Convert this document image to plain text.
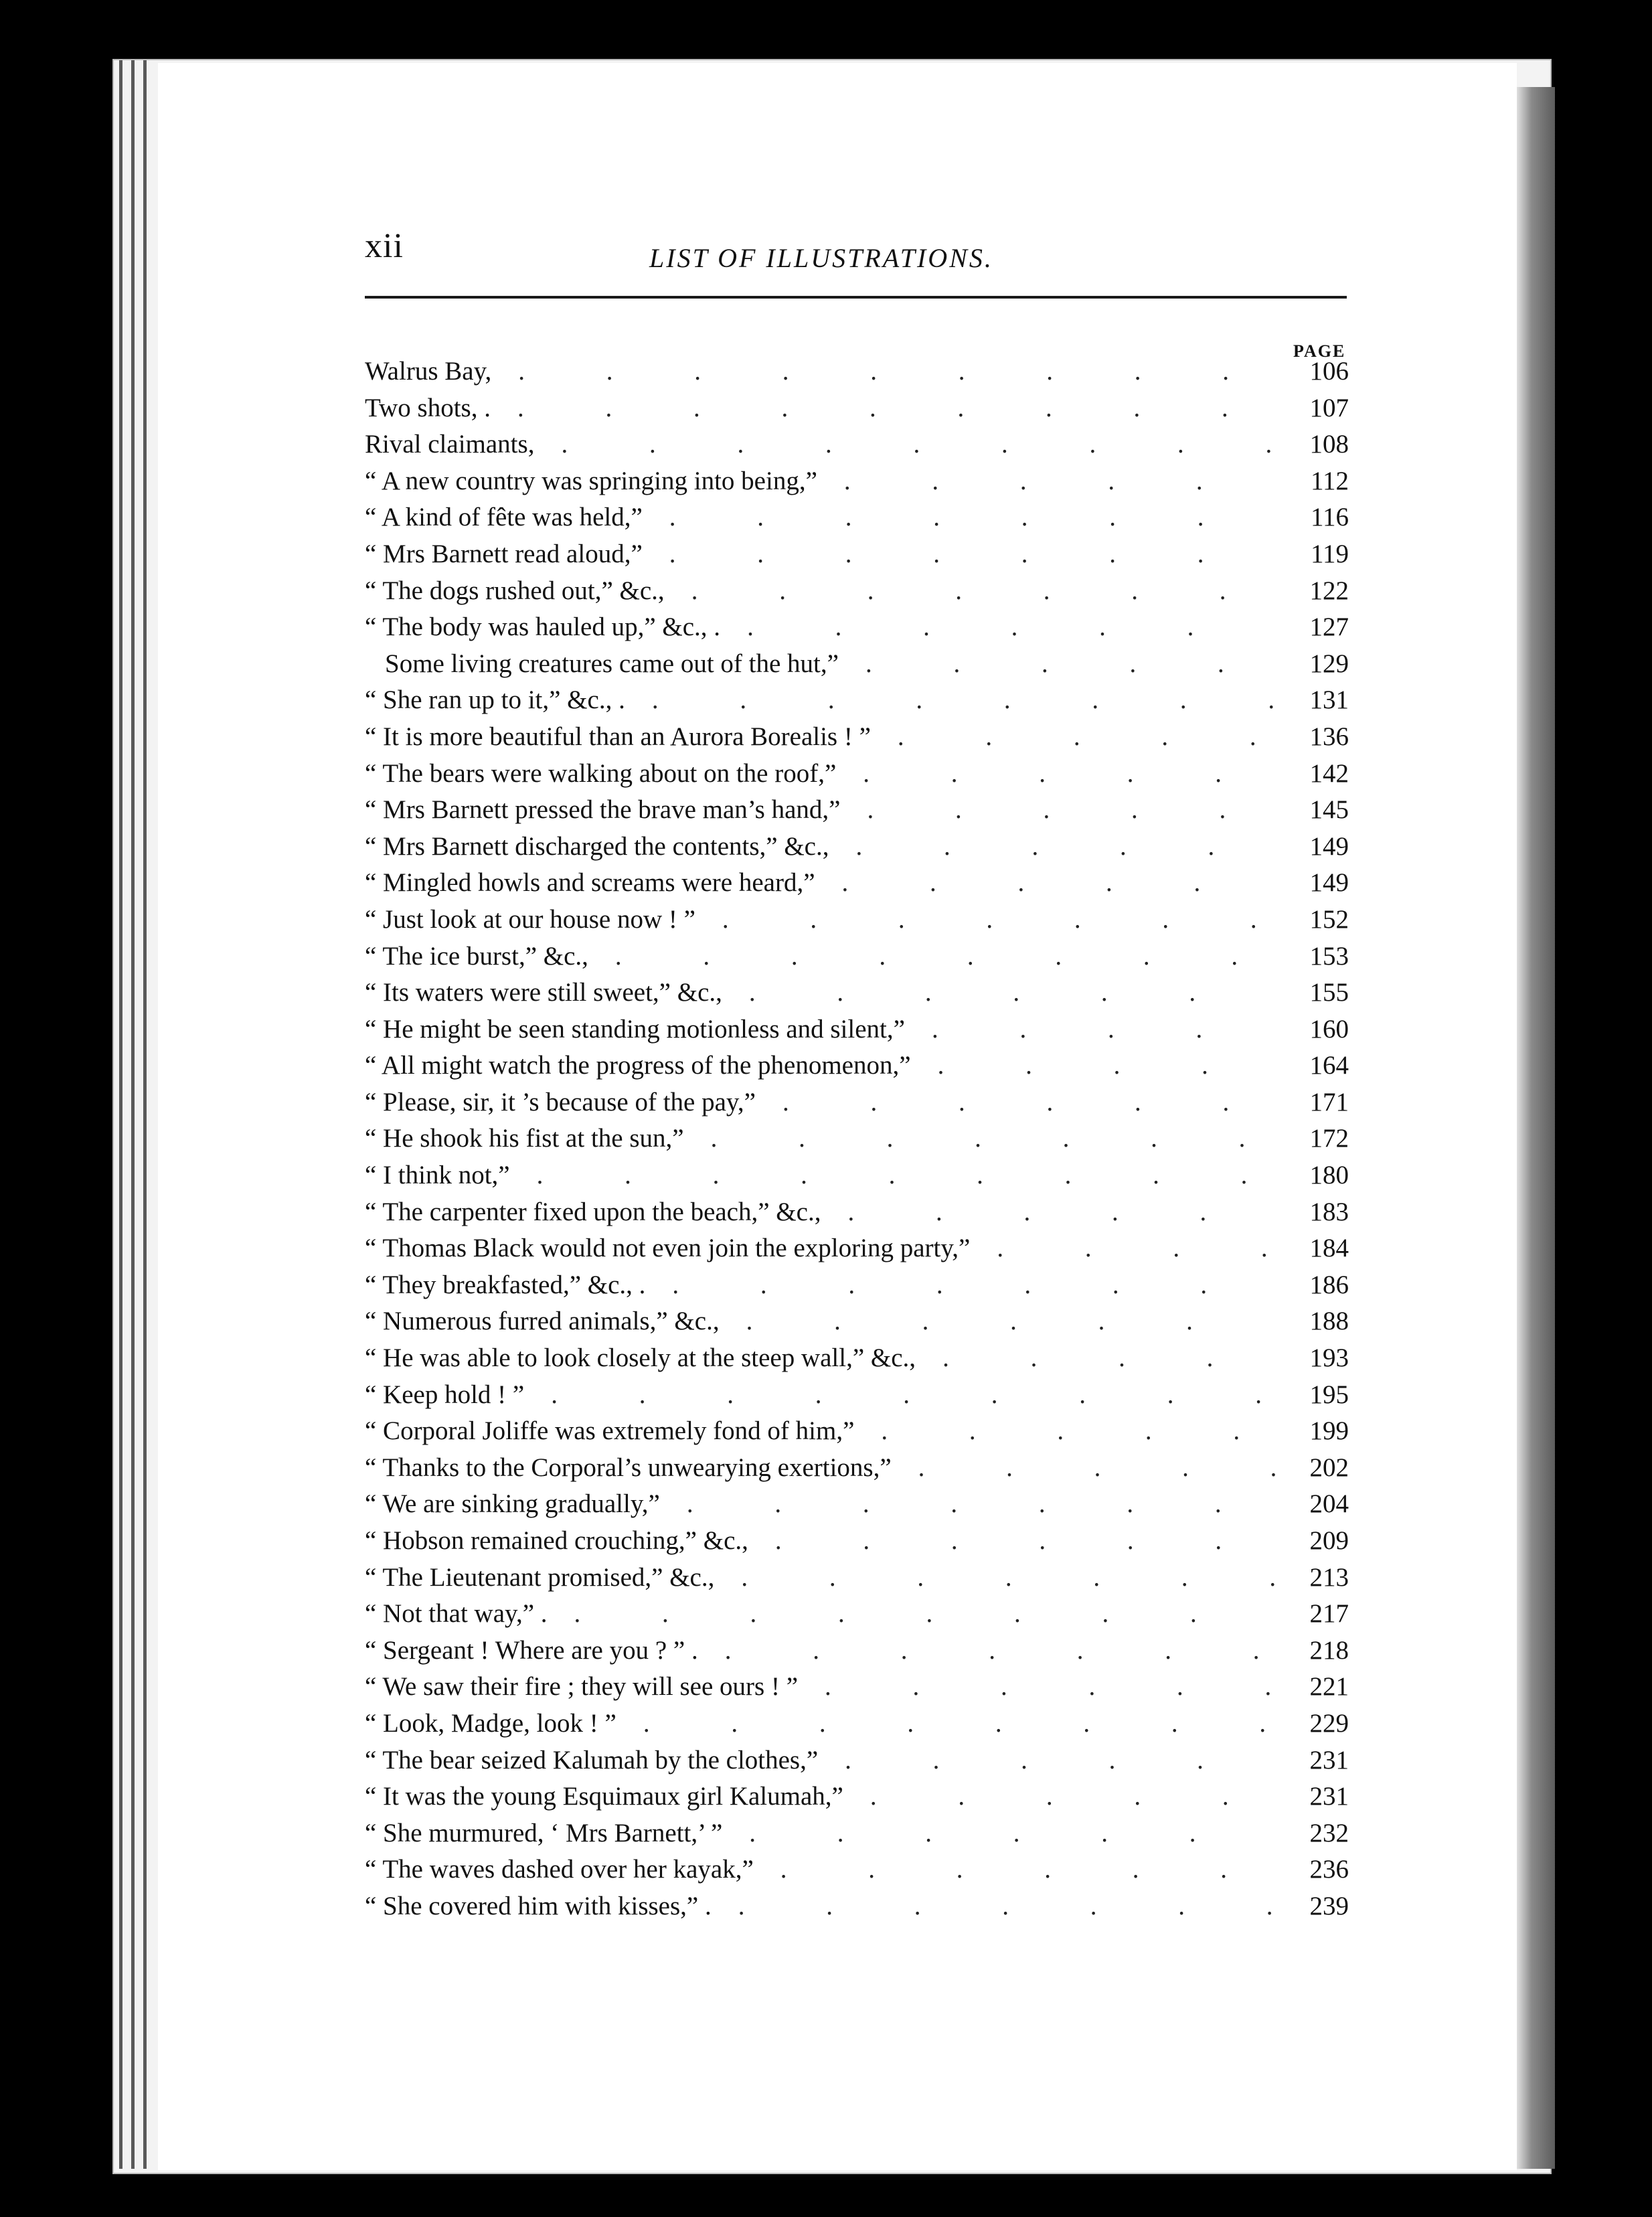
xii	LIST OF ILLUSTRATIONS.
PAGE
Walrus Bay, . . .	106
Two shots, . . . .	107
Rival claimants, . . .	108
“ A new country was springing into being,” . . .	112
“ A kind of fête was held,” . . .	116
“ Mrs Barnett read aloud,” . . .	119
“ The dogs rushed out,” &c., . . .	122
“ The body was hauled up,” &c., . . . .	127
Some living creatures came out of the hut,” . . .	129
“ She ran up to it,” &c., . . . .	131
“ It is more beautiful than an Aurora Borealis ! ” . . .	136
“ The bears were walking about on the roof,” . . .	142
“ Mrs Barnett pressed the brave man’s hand,” . . .	145
“ Mrs Barnett discharged the contents,” &c., . . .	149
“ Mingled howls and screams were heard,” . . .	149
“ Just look at our house now ! ” . . .	152
“ The ice burst,” &c., . . .	153
“ Its waters were still sweet,” &c., . . .	155
“ He might be seen standing motionless and silent,” . . .	160
“ All might watch the progress of the phenomenon,” . . .	164
“ Please, sir, it ’s because of the pay,” . . .	171
“ He shook his fist at the sun,” . . .	172
“ I think not,” . . .	180
“ The carpenter fixed upon the beach,” &c., . . .	183
“ Thomas Black would not even join the exploring party,” . . .	184
“ They breakfasted,” &c., . . . .	186
“ Numerous furred animals,” &c., . . .	188
“ He was able to look closely at the steep wall,” &c., . . .	193
“ Keep hold ! ” . . .	195
“ Corporal Joliffe was extremely fond of him,” . . .	199
“ Thanks to the Corporal’s unwearying exertions,” . . .	202
“ We are sinking gradually,” . . .	204
“ Hobson remained crouching,” &c., . . .	209
“ The Lieutenant promised,” &c., . . .	213
“ Not that way,” . . . .	217
“ Sergeant ! Where are you ? ” . . . .	218
“ We saw their fire ; they will see ours ! ” . . .	221
“ Look, Madge, look ! ” . . .	229
“ The bear seized Kalumah by the clothes,” . . .	231
“ It was the young Esquimaux girl Kalumah,” . . .	231
“ She murmured, ‘ Mrs Barnett,’ ” . . .	232
“ The waves dashed over her kayak,” . . .	236
“ She covered him with kisses,” . . . .	239
